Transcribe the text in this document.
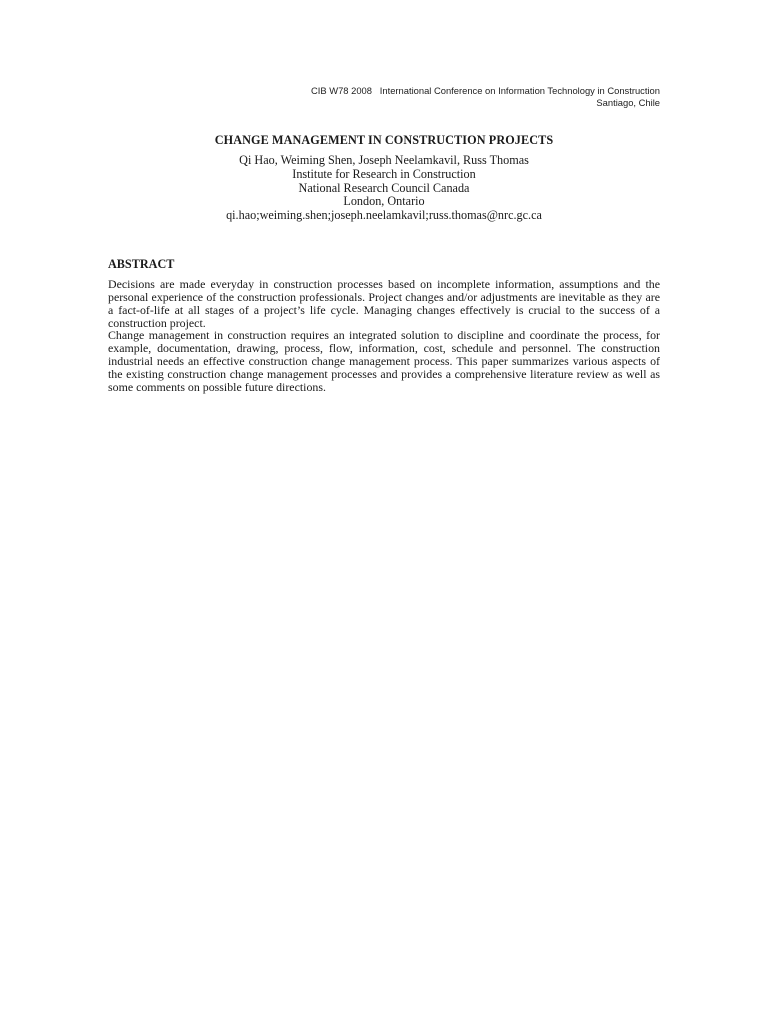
CIB W78 2008   International Conference on Information Technology in Construction
Santiago, Chile
CHANGE MANAGEMENT IN CONSTRUCTION PROJECTS
Qi Hao, Weiming Shen, Joseph Neelamkavil, Russ Thomas
Institute for Research in Construction
National Research Council Canada
London, Ontario
qi.hao;weiming.shen;joseph.neelamkavil;russ.thomas@nrc.gc.ca
ABSTRACT

Decisions are made everyday in construction processes based on incomplete information, assumptions and the personal experience of the construction professionals. Project changes and/or adjustments are inevitable as they are a fact-of-life at all stages of a project’s life cycle. Managing changes effectively is crucial to the success of a construction project.

Change management in construction requires an integrated solution to discipline and coordinate the process, for example, documentation, drawing, process, flow, information, cost, schedule and personnel. The construction industrial needs an effective construction change management process. This paper summarizes various aspects of the existing construction change management processes and provides a comprehensive literature review as well as some comments on possible future directions.
